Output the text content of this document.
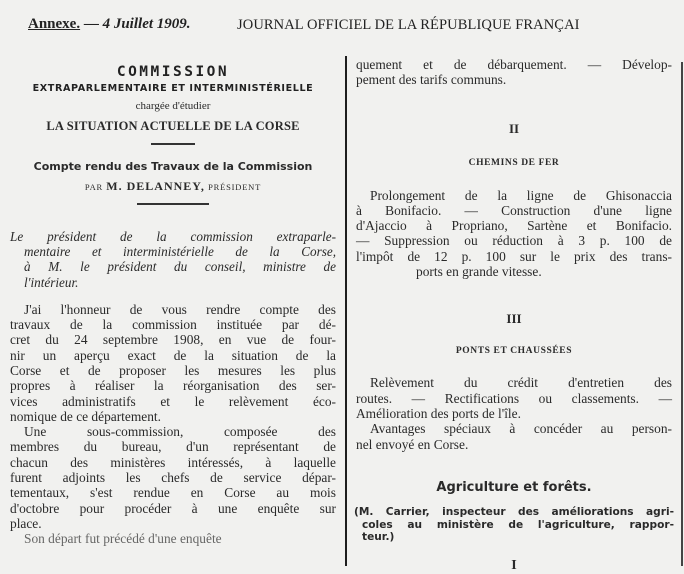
Annexe. — 4 Juillet 1909.	JOURNAL OFFICIEL DE LA RÉPUBLIQUE FRANÇAI
COMMISSION
EXTRAPARLEMENTAIRE ET INTERMINISTÉRIELLE
chargée d'étudier
LA SITUATION ACTUELLE DE LA CORSE
Compte rendu des Travaux de la Commission
PAR M. DELANNEY, PRÉSIDENT
Le président de la commission extraparle-
mentaire et interministérielle de la Corse,
à M. le président du conseil, ministre de
l'intérieur.
J'ai l'honneur de vous rendre compte des
travaux de la commission instituée par dé-
cret du 24 septembre 1908, en vue de four-
nir un aperçu exact de la situation de la
Corse et de proposer les mesures les plus
propres à réaliser la réorganisation des ser-
vices administratifs et le relèvement éco-
nomique de ce département.
Une sous-commission, composée des
membres du bureau, d'un représentant de
chacun des ministères intéressés, à laquelle
furent adjoints les chefs de service dépar-
tementaux, s'est rendue en Corse au mois
d'octobre pour procéder à une enquête sur
place.
Son départ fut précédé d'une enquête
quement et de débarquement. — Dévelop-
pement des tarifs communs.
II
CHEMINS DE FER
Prolongement de la ligne de Ghisonaccia
à Bonifacio. — Construction d'une ligne
d'Ajaccio à Propriano, Sartène et Bonifacio.
— Suppression ou réduction à 3 p. 100 de
l'impôt de 12 p. 100 sur le prix des trans-
ports en grande vitesse.
III
PONTS ET CHAUSSÉES
Relèvement du crédit d'entretien des
routes. — Rectifications ou classements. —
Amélioration des ports de l'île.
Avantages spéciaux à concéder au person-
nel envoyé en Corse.
Agriculture et forêts.
(M. Carrier, inspecteur des améliorations agri-
coles au ministère de l'agriculture, rappor-
teur.)
I
